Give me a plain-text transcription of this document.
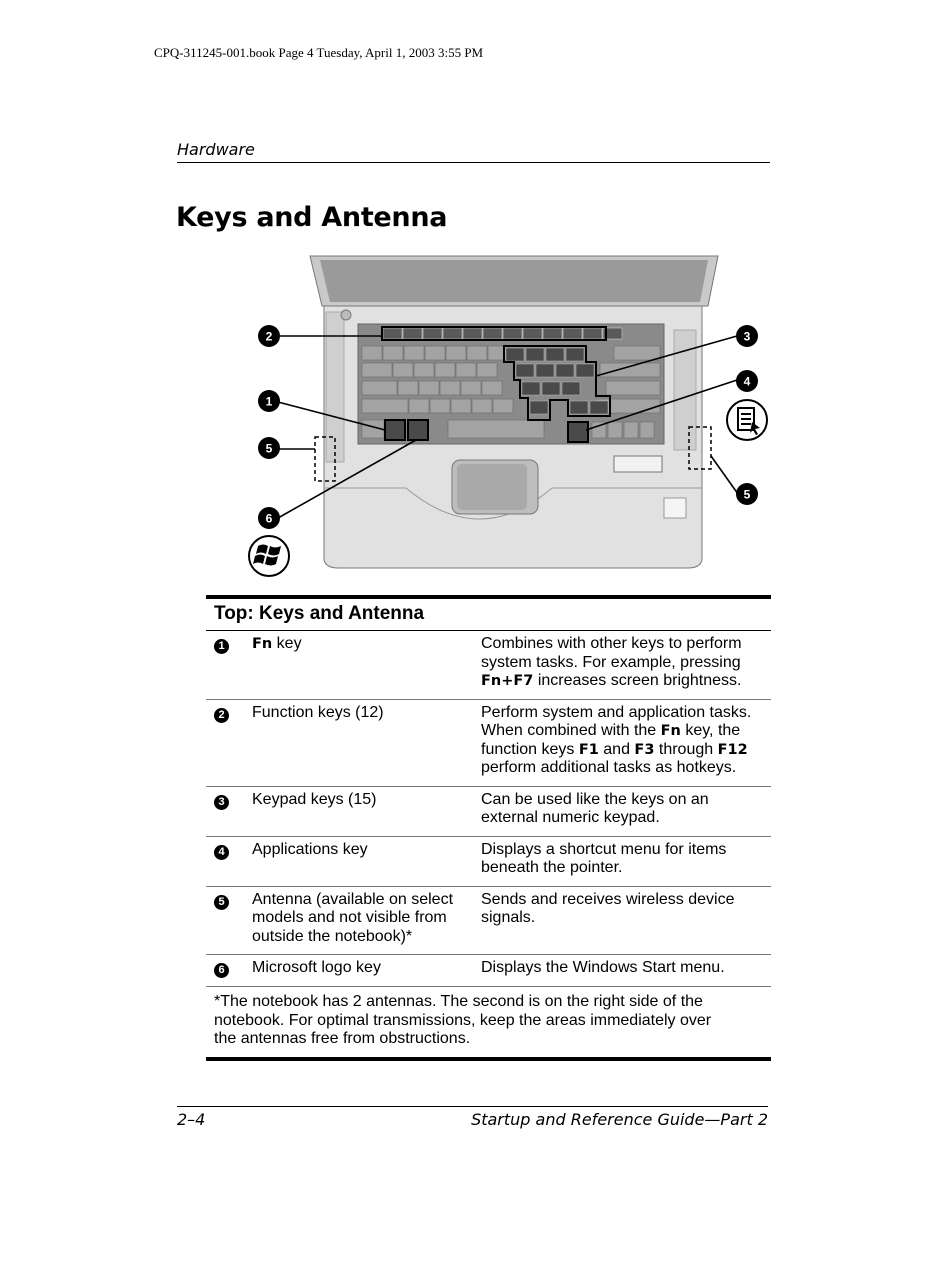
CPQ-311245-001.book Page 4 Tuesday, April 1, 2003 3:55 PM
Hardware
Keys and Antenna
2	3
4
1
5
5
6
Top: Keys and Antenna		
1	Fn key	Combines with other keys to perform system tasks. For example, pressing Fn+F7 increases screen brightness.
2	Function keys (12)	Perform system and application tasks. When combined with the Fn key, the function keys F1 and F3 through F12 perform additional tasks as hotkeys.
3	Keypad keys (15)	Can be used like the keys on an external numeric keypad.
4	Applications key	Displays a shortcut menu for items beneath the pointer.
5	Antenna (available on select models and not visible from outside the notebook)*	Sends and receives wireless device signals.
6	Microsoft logo key	Displays the Windows Start menu.
*The notebook has 2 antennas. The second is on the right side of the notebook. For optimal transmissions, keep the areas immediately over the antennas free from obstructions.		
2–4	Startup and Reference Guide—Part 2
